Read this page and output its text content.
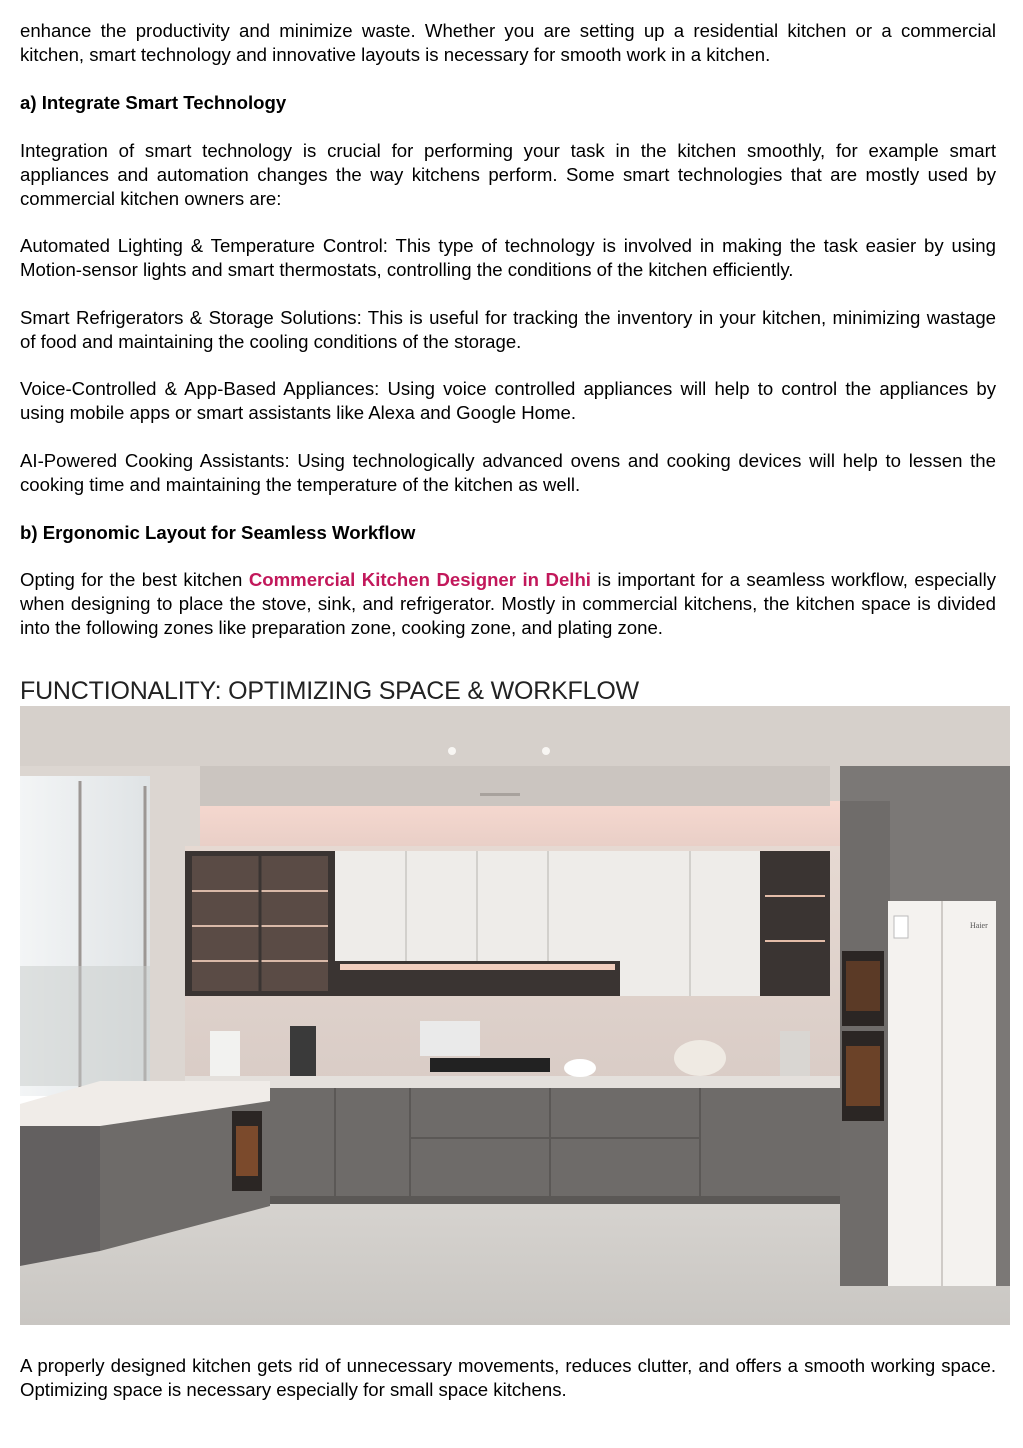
enhance the productivity and minimize waste. Whether you are setting up a residential kitchen or a commercial kitchen, smart technology and innovative layouts is necessary for smooth work in a kitchen.

a) Integrate Smart Technology

Integration of smart technology is crucial for performing your task in the kitchen smoothly, for example smart appliances and automation changes the way kitchens perform. Some smart technologies that are mostly used by commercial kitchen owners are:

Automated Lighting & Temperature Control: This type of technology is involved in making the task easier by using Motion-sensor lights and smart thermostats, controlling the conditions of the kitchen efficiently.

Smart Refrigerators & Storage Solutions: This is useful for tracking the inventory in your kitchen, minimizing wastage of food and maintaining the cooling conditions of the storage.

Voice-Controlled & App-Based Appliances: Using voice controlled appliances will help to control the appliances by using mobile apps or smart assistants like Alexa and Google Home.

AI-Powered Cooking Assistants: Using technologically advanced ovens and cooking devices will help to lessen the cooking time and maintaining the temperature of the kitchen as well.

b) Ergonomic Layout for Seamless Workflow

Opting for the best kitchen Commercial Kitchen Designer in Delhi is important for a seamless workflow, especially when designing to place the stove, sink, and refrigerator. Mostly in commercial kitchens, the kitchen space is divided into the following zones like preparation zone, cooking zone, and plating zone.

A properly designed kitchen gets rid of unnecessary movements, reduces clutter, and offers a smooth working space. Optimizing space is necessary especially for small space kitchens.

FUNCTIONALITY: OPTIMIZING SPACE & WORKFLOW
Haier
